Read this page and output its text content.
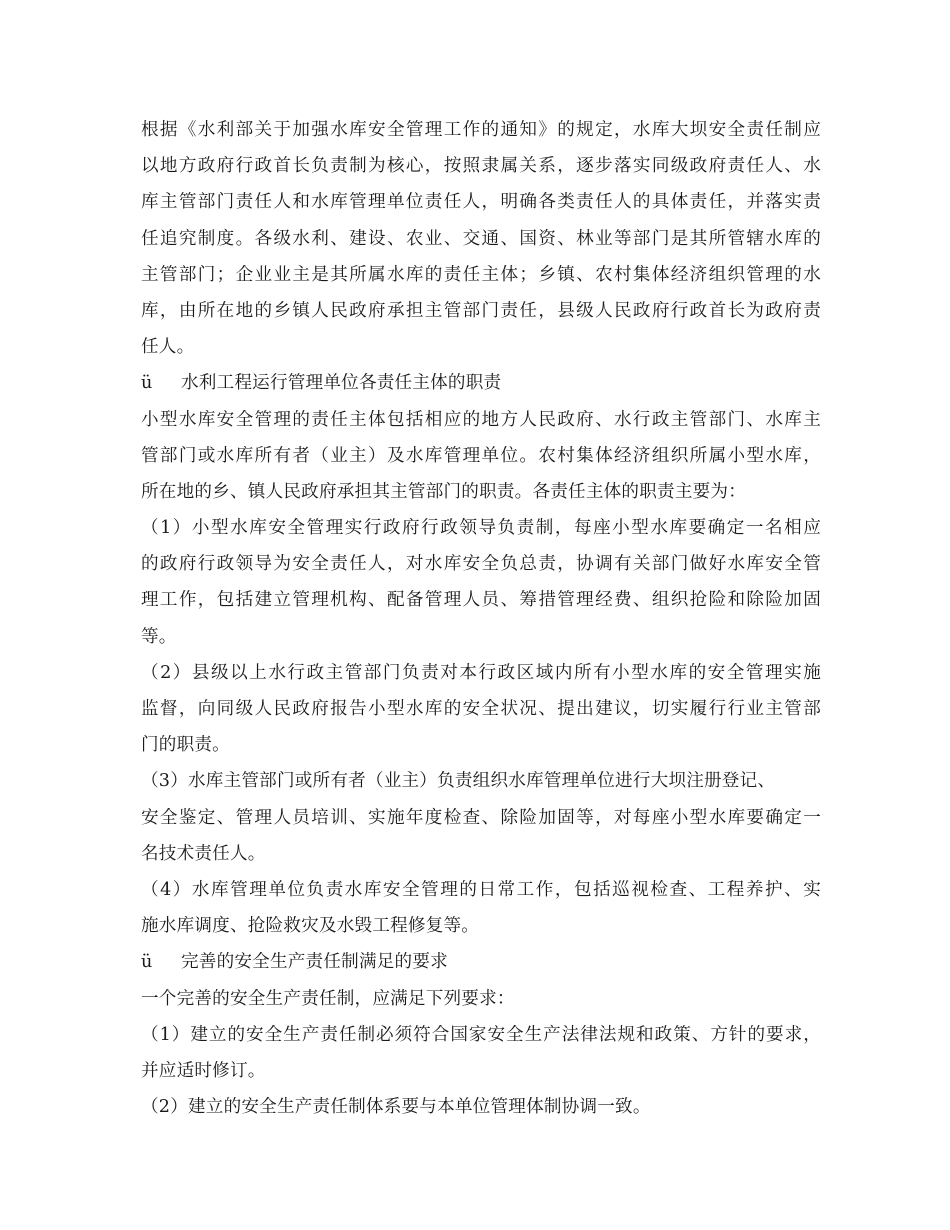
根据《水利部关于加强水库安全管理工作的通知》的规定，水库大坝安全责任制应
以地方政府行政首长负责制为核心，按照隶属关系，逐步落实同级政府责任人、水
库主管部门责任人和水库管理单位责任人，明确各类责任人的具体责任，并落实责
任追究制度。各级水利、建设、农业、交通、国资、林业等部门是其所管辖水库的
主管部门；企业业主是其所属水库的责任主体；乡镇、农村集体经济组织管理的水
库，由所在地的乡镇人民政府承担主管部门责任，县级人民政府行政首长为政府责
任人。
ü 水利工程运行管理单位各责任主体的职责
小型水库安全管理的责任主体包括相应的地方人民政府、水行政主管部门、水库主
管部门或水库所有者（业主）及水库管理单位。农村集体经济组织所属小型水库，
所在地的乡、镇人民政府承担其主管部门的职责。各责任主体的职责主要为：
（1）小型水库安全管理实行政府行政领导负责制，每座小型水库要确定一名相应
的政府行政领导为安全责任人，对水库安全负总责，协调有关部门做好水库安全管
理工作，包括建立管理机构、配备管理人员、筹措管理经费、组织抢险和除险加固
等。
（2）县级以上水行政主管部门负责对本行政区域内所有小型水库的安全管理实施
监督，向同级人民政府报告小型水库的安全状况、提出建议，切实履行行业主管部
门的职责。
（3）水库主管部门或所有者（业主）负责组织水库管理单位进行大坝注册登记、
安全鉴定、管理人员培训、实施年度检查、除险加固等，对每座小型水库要确定一
名技术责任人。
（4）水库管理单位负责水库安全管理的日常工作，包括巡视检查、工程养护、实
施水库调度、抢险救灾及水毁工程修复等。
ü 完善的安全生产责任制满足的要求
一个完善的安全生产责任制，应满足下列要求：
（1）建立的安全生产责任制必须符合国家安全生产法律法规和政策、方针的要求，
并应适时修订。
（2）建立的安全生产责任制体系要与本单位管理体制协调一致。
